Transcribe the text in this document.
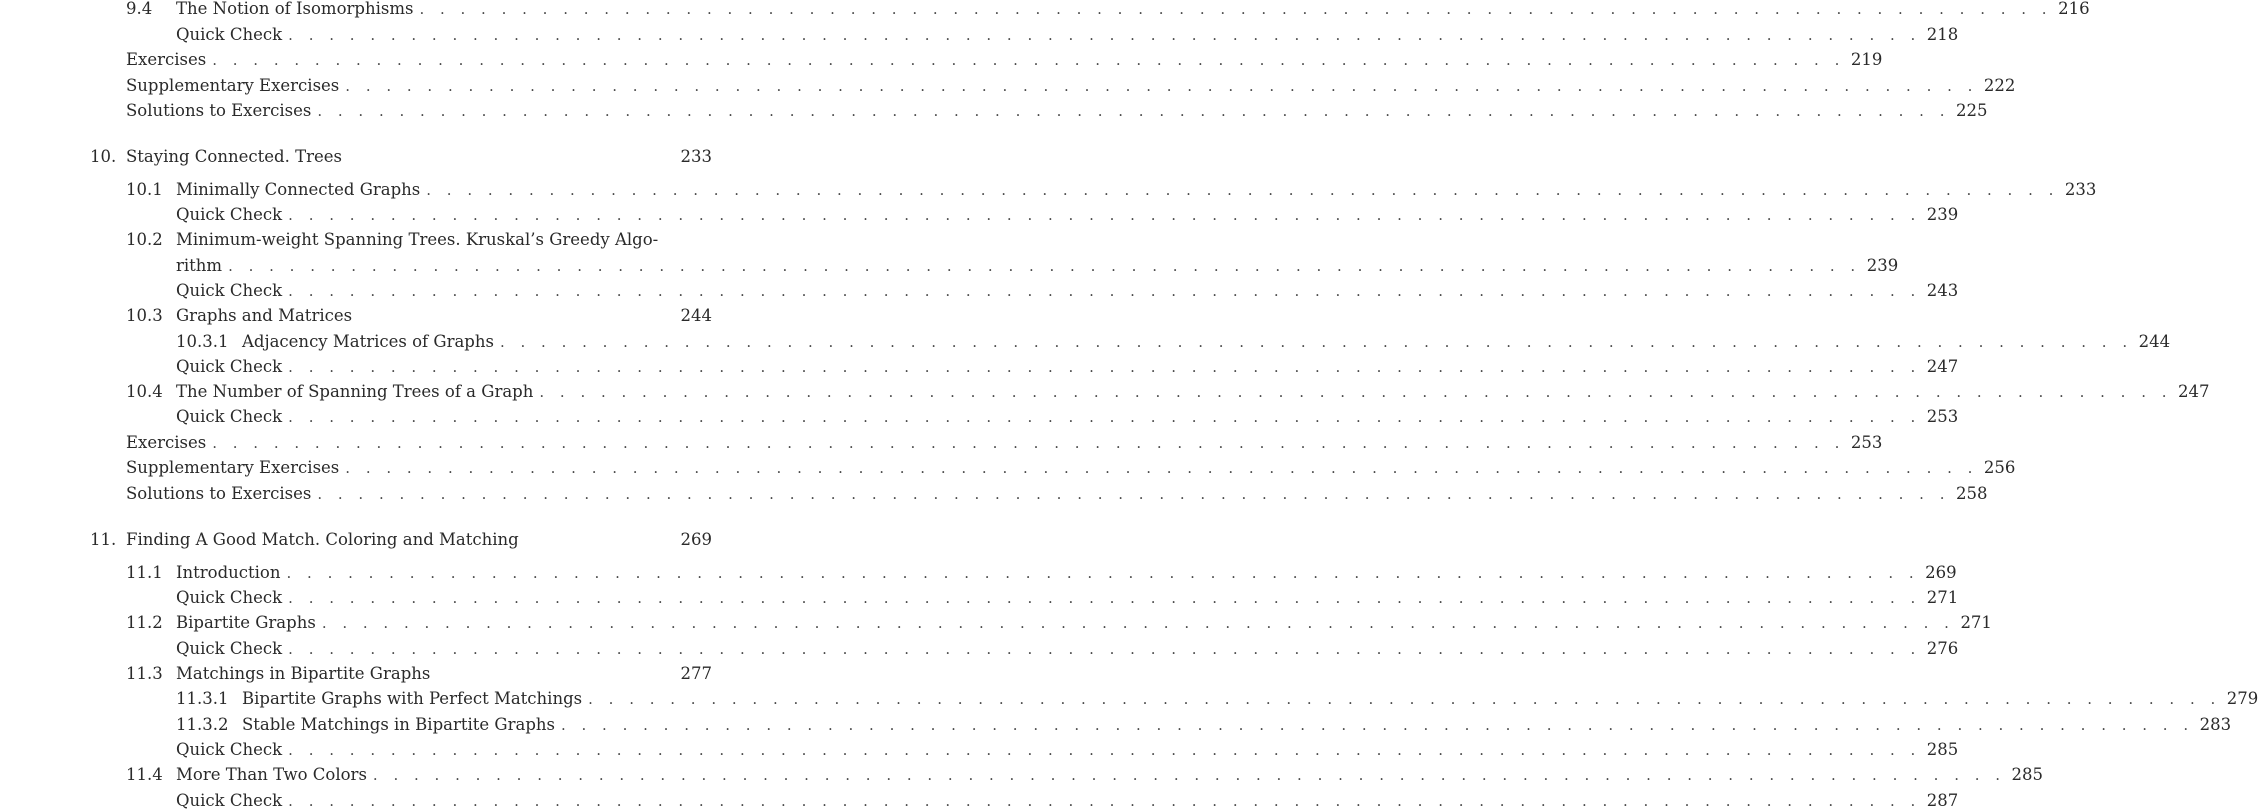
9.4	The Notion of Isomorphisms . . . . . . . . . . . . . . . . . . . . . . . . . . . . . . . . . . . . . . . . . . . . . . . . . . . . . . . . . . . . . . . . . . . . . . . . . . . . . . . . 216
Quick Check . . . . . . . . . . . . . . . . . . . . . . . . . . . . . . . . . . . . . . . . . . . . . . . . . . . . . . . . . . . . . . . . . . . . . . . . . . . . . . . . 218
Exercises . . . . . . . . . . . . . . . . . . . . . . . . . . . . . . . . . . . . . . . . . . . . . . . . . . . . . . . . . . . . . . . . . . . . . . . . . . . . . . . . 219
Supplementary Exercises . . . . . . . . . . . . . . . . . . . . . . . . . . . . . . . . . . . . . . . . . . . . . . . . . . . . . . . . . . . . . . . . . . . . . . . . . . . . . . . . 222
Solutions to Exercises . . . . . . . . . . . . . . . . . . . . . . . . . . . . . . . . . . . . . . . . . . . . . . . . . . . . . . . . . . . . . . . . . . . . . . . . . . . . . . . . 225
10. Staying Connected. Trees	233
10.1 Minimally Connected Graphs . . . . . . . . . . . . . . . . . . . . . . . . . . . . . . . . . . . . . . . . . . . . . . . . . . . . . . . . . . . . . . . . . . . . . . . . . . . . . . . . 233
Quick Check . . . . . . . . . . . . . . . . . . . . . . . . . . . . . . . . . . . . . . . . . . . . . . . . . . . . . . . . . . . . . . . . . . . . . . . . . . . . . . . . 239
10.2 Minimum-weight Spanning Trees. Kruskal’s Greedy Algo-
rithm . . . . . . . . . . . . . . . . . . . . . . . . . . . . . . . . . . . . . . . . . . . . . . . . . . . . . . . . . . . . . . . . . . . . . . . . . . . . . . . . 239
Quick Check . . . . . . . . . . . . . . . . . . . . . . . . . . . . . . . . . . . . . . . . . . . . . . . . . . . . . . . . . . . . . . . . . . . . . . . . . . . . . . . . 243
10.3 Graphs and Matrices	244
10.3.1 Adjacency Matrices of Graphs . . . . . . . . . . . . . . . . . . . . . . . . . . . . . . . . . . . . . . . . . . . . . . . . . . . . . . . . . . . . . . . . . . . . . . . . . . . . . . . . 244
Quick Check . . . . . . . . . . . . . . . . . . . . . . . . . . . . . . . . . . . . . . . . . . . . . . . . . . . . . . . . . . . . . . . . . . . . . . . . . . . . . . . . 247
10.4 The Number of Spanning Trees of a Graph . . . . . . . . . . . . . . . . . . . . . . . . . . . . . . . . . . . . . . . . . . . . . . . . . . . . . . . . . . . . . . . . . . . . . . . . . . . . . . . . 247
Quick Check . . . . . . . . . . . . . . . . . . . . . . . . . . . . . . . . . . . . . . . . . . . . . . . . . . . . . . . . . . . . . . . . . . . . . . . . . . . . . . . . 253
Exercises . . . . . . . . . . . . . . . . . . . . . . . . . . . . . . . . . . . . . . . . . . . . . . . . . . . . . . . . . . . . . . . . . . . . . . . . . . . . . . . . 253
Supplementary Exercises . . . . . . . . . . . . . . . . . . . . . . . . . . . . . . . . . . . . . . . . . . . . . . . . . . . . . . . . . . . . . . . . . . . . . . . . . . . . . . . . 256
Solutions to Exercises . . . . . . . . . . . . . . . . . . . . . . . . . . . . . . . . . . . . . . . . . . . . . . . . . . . . . . . . . . . . . . . . . . . . . . . . . . . . . . . . 258
11. Finding A Good Match. Coloring and Matching	269
11.1 Introduction . . . . . . . . . . . . . . . . . . . . . . . . . . . . . . . . . . . . . . . . . . . . . . . . . . . . . . . . . . . . . . . . . . . . . . . . . . . . . . . . 269
Quick Check . . . . . . . . . . . . . . . . . . . . . . . . . . . . . . . . . . . . . . . . . . . . . . . . . . . . . . . . . . . . . . . . . . . . . . . . . . . . . . . . 271
11.2 Bipartite Graphs . . . . . . . . . . . . . . . . . . . . . . . . . . . . . . . . . . . . . . . . . . . . . . . . . . . . . . . . . . . . . . . . . . . . . . . . . . . . . . . . 271
Quick Check . . . . . . . . . . . . . . . . . . . . . . . . . . . . . . . . . . . . . . . . . . . . . . . . . . . . . . . . . . . . . . . . . . . . . . . . . . . . . . . . 276
11.3 Matchings in Bipartite Graphs	277
11.3.1 Bipartite Graphs with Perfect Matchings . . . . . . . . . . . . . . . . . . . . . . . . . . . . . . . . . . . . . . . . . . . . . . . . . . . . . . . . . . . . . . . . . . . . . . . . . . . . . . . . 279
11.3.2 Stable Matchings in Bipartite Graphs . . . . . . . . . . . . . . . . . . . . . . . . . . . . . . . . . . . . . . . . . . . . . . . . . . . . . . . . . . . . . . . . . . . . . . . . . . . . . . . . 283
Quick Check . . . . . . . . . . . . . . . . . . . . . . . . . . . . . . . . . . . . . . . . . . . . . . . . . . . . . . . . . . . . . . . . . . . . . . . . . . . . . . . . 285
11.4 More Than Two Colors . . . . . . . . . . . . . . . . . . . . . . . . . . . . . . . . . . . . . . . . . . . . . . . . . . . . . . . . . . . . . . . . . . . . . . . . . . . . . . . . 285
Quick Check . . . . . . . . . . . . . . . . . . . . . . . . . . . . . . . . . . . . . . . . . . . . . . . . . . . . . . . . . . . . . . . . . . . . . . . . . . . . . . . . 287
